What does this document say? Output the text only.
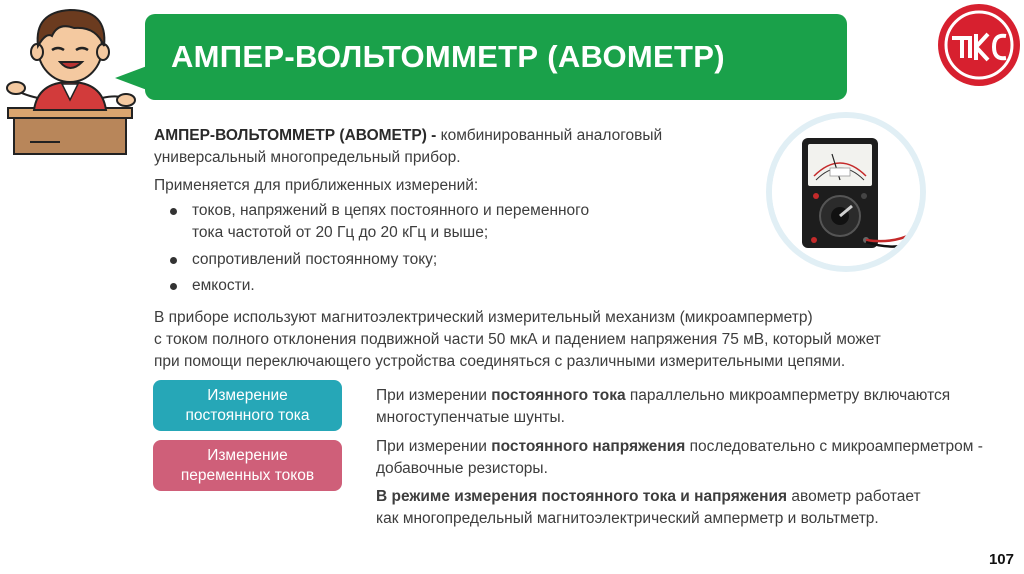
АМПЕР-ВОЛЬТОММЕТР (АВОМЕТР)
АМПЕР-ВОЛЬТОММЕТР (АВОМЕТР) - комбинированный аналоговый
универсальный многопредельный прибор.
Применяется для приближенных измерений:
токов, напряжений в цепях постоянного и переменного
тока частотой от 20 Гц до 20 кГц и выше;
сопротивлений постоянному току;
емкости.
В приборе используют магнитоэлектрический измерительный механизм (микроамперметр)
с током полного отклонения подвижной части 50 мкА и падением напряжения 75 мВ, который может
при помощи переключающего устройства соединяться с различными измерительными цепями.
Измерение
постоянного тока
Измерение
переменных токов
При измерении постоянного тока параллельно микроамперметру включаются
многоступенчатые шунты.
При измерении постоянного напряжения последовательно с микроамперметром -
добавочные резисторы.
В режиме измерения постоянного тока и напряжения авометр работает
как многопредельный магнитоэлектрический амперметр и вольтметр.
107
